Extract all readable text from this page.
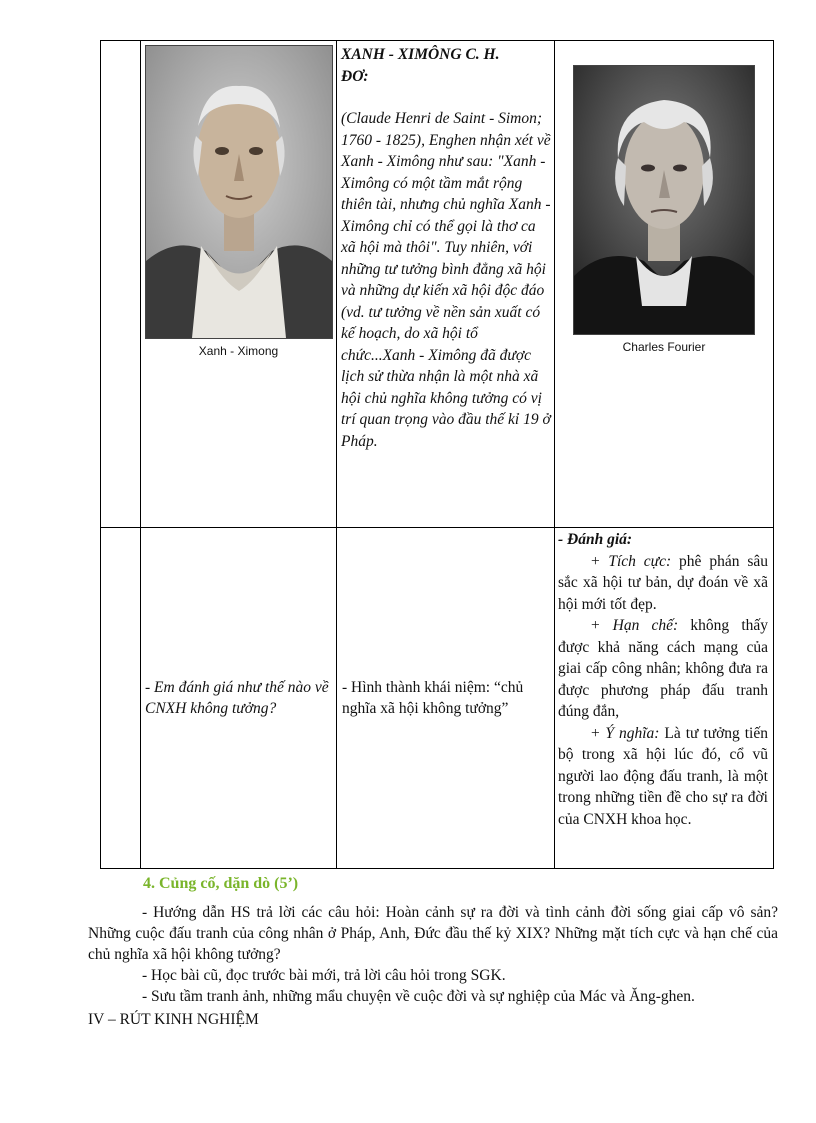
	Xanh - Ximong	XANH - XIMÔNG C. H.
ĐƠ:
(Claude Henri de Saint - Simon; 1760 - 1825), Enghen nhận xét về Xanh - Ximông như sau: "Xanh - Ximông có một tầm mắt rộng thiên tài, nhưng chủ nghĩa Xanh - Ximông chỉ có thể gọi là thơ ca xã hội mà thôi". Tuy nhiên, với những tư tưởng bình đẳng xã hội và những dự kiến xã hội độc đáo (vd. tư tưởng về nền sản xuất có kế hoạch, do xã hội tổ chức...Xanh - Ximông đã được lịch sử thừa nhận là một nhà xã hội chủ nghĩa không tưởng có vị trí quan trọng vào đầu thế kỉ 19 ở Pháp.	Charles Fourier

	- Em đánh giá như thế nào về CNXH không tưởng?	- Hình thành khái niệm: “chủ nghĩa xã hội không tưởng”	- Đánh giá:

+ Tích cực: phê phán sâu sắc xã hội tư bản, dự đoán về xã hội mới tốt đẹp.

+ Hạn chế: không thấy được khả năng cách mạng của giai cấp công nhân; không đưa ra được phương pháp đấu tranh đúng đắn,

+ Ý nghĩa: Là tư tưởng tiến bộ trong xã hội lúc đó, cổ vũ người lao động đấu tranh, là một trong những tiền đề cho sự ra đời của CNXH khoa học.

4. Củng cố, dặn dò (5’)

- Hướng dẫn HS trả lời các câu hỏi: Hoàn cảnh sự ra đời và tình cảnh đời sống giai cấp vô sản? Những cuộc đấu tranh của công nhân ở Pháp, Anh, Đức đầu thế kỷ XIX? Những mặt tích cực và hạn chế của chủ nghĩa xã hội không tưởng?

- Học bài cũ, đọc trước bài mới, trả lời câu hỏi trong SGK.

- Sưu tầm tranh ảnh, những mẩu chuyện về cuộc đời và sự nghiệp của Mác và Ăng-ghen.

IV – RÚT KINH NGHIỆM
